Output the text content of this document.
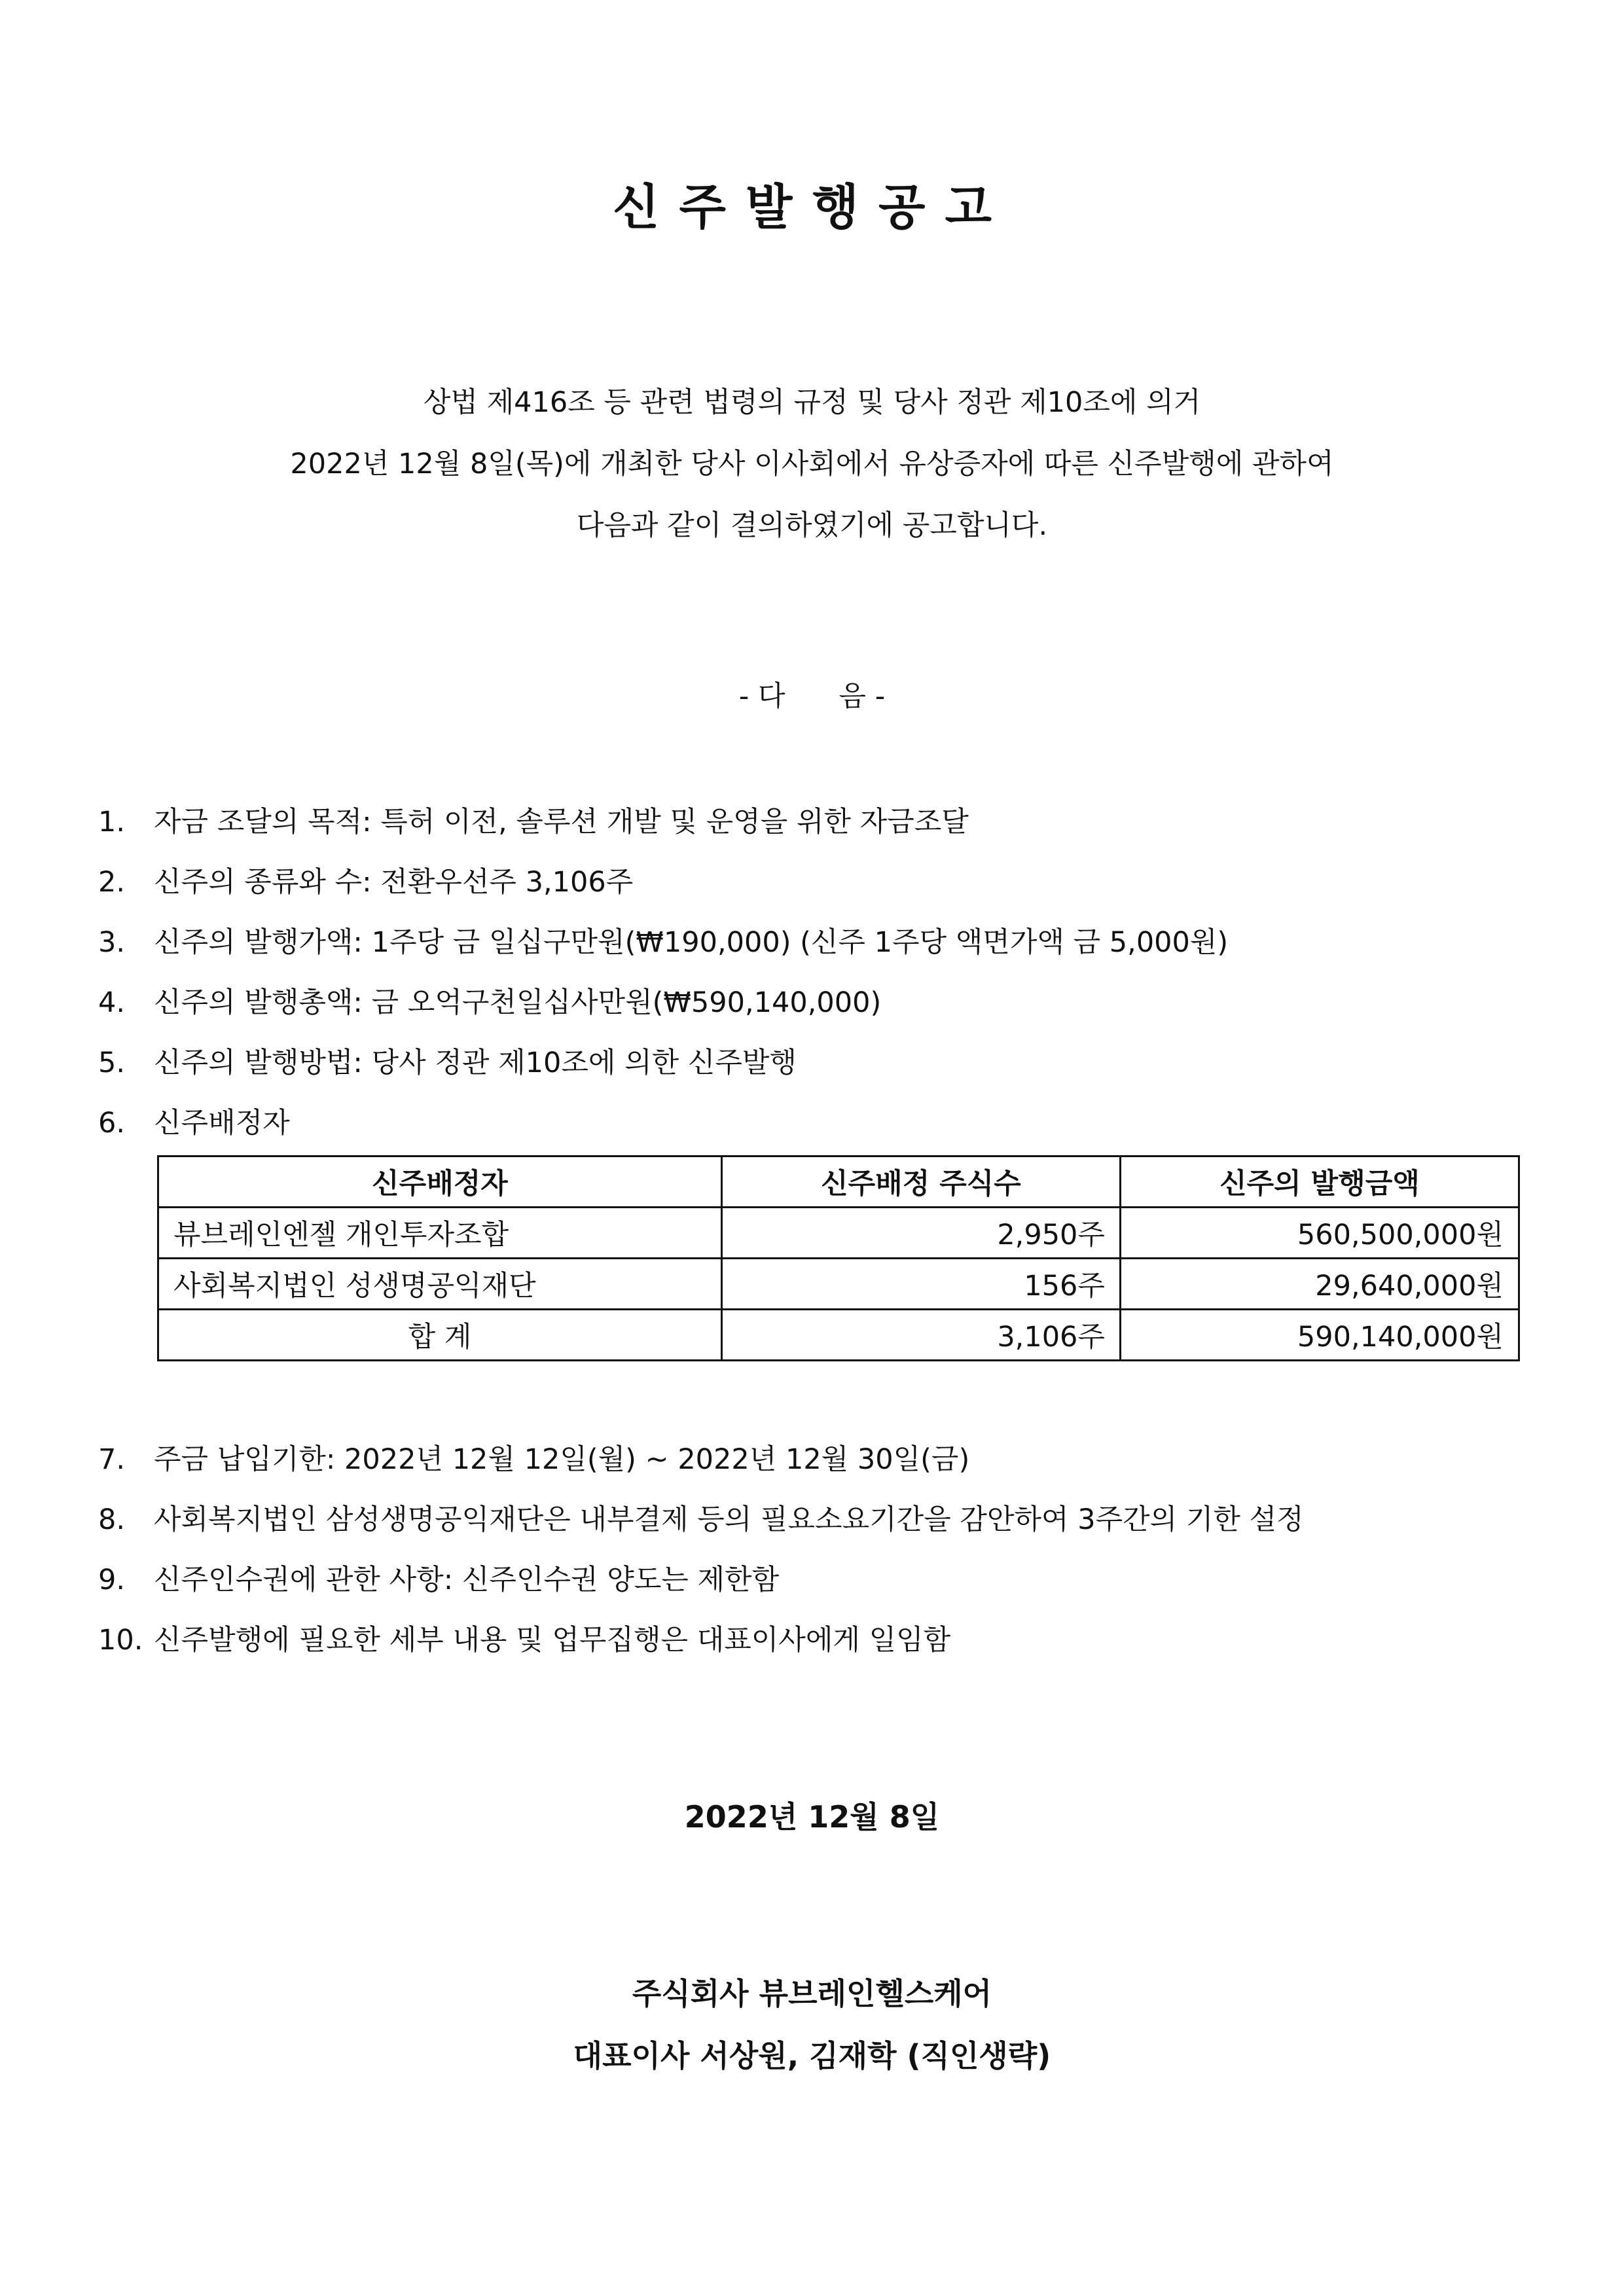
신주발행공고
상법 제416조 등 관련 법령의 규정 및 당사 정관 제10조에 의거
2022년 12월 8일(목)에 개최한 당사 이사회에서 유상증자에 따른 신주발행에 관하여
다음과 같이 결의하였기에 공고합니다.
- 다      음 -
1. 자금 조달의 목적: 특허 이전, 솔루션 개발 및 운영을 위한 자금조달
2. 신주의 종류와 수: 전환우선주 3,106주
3. 신주의 발행가액: 1주당 금 일십구만원(₩190,000) (신주 1주당 액면가액 금 5,000원)
4. 신주의 발행총액: 금 오억구천일십사만원(₩590,140,000)
5. 신주의 발행방법: 당사 정관 제10조에 의한 신주발행
6. 신주배정자
신주배정자	신주배정 주식수	신주의 발행금액
뷰브레인엔젤 개인투자조합	2,950주	560,500,000원
사회복지법인 성생명공익재단	156주	29,640,000원
합 계	3,106주	590,140,000원
7. 주금 납입기한: 2022년 12월 12일(월) ~ 2022년 12월 30일(금)
8. 사회복지법인 삼성생명공익재단은 내부결제 등의 필요소요기간을 감안하여 3주간의 기한 설정
9. 신주인수권에 관한 사항: 신주인수권 양도는 제한함
10. 신주발행에 필요한 세부 내용 및 업무집행은 대표이사에게 일임함
2022년 12월 8일
주식회사 뷰브레인헬스케어
대표이사 서상원, 김재학 (직인생략)
